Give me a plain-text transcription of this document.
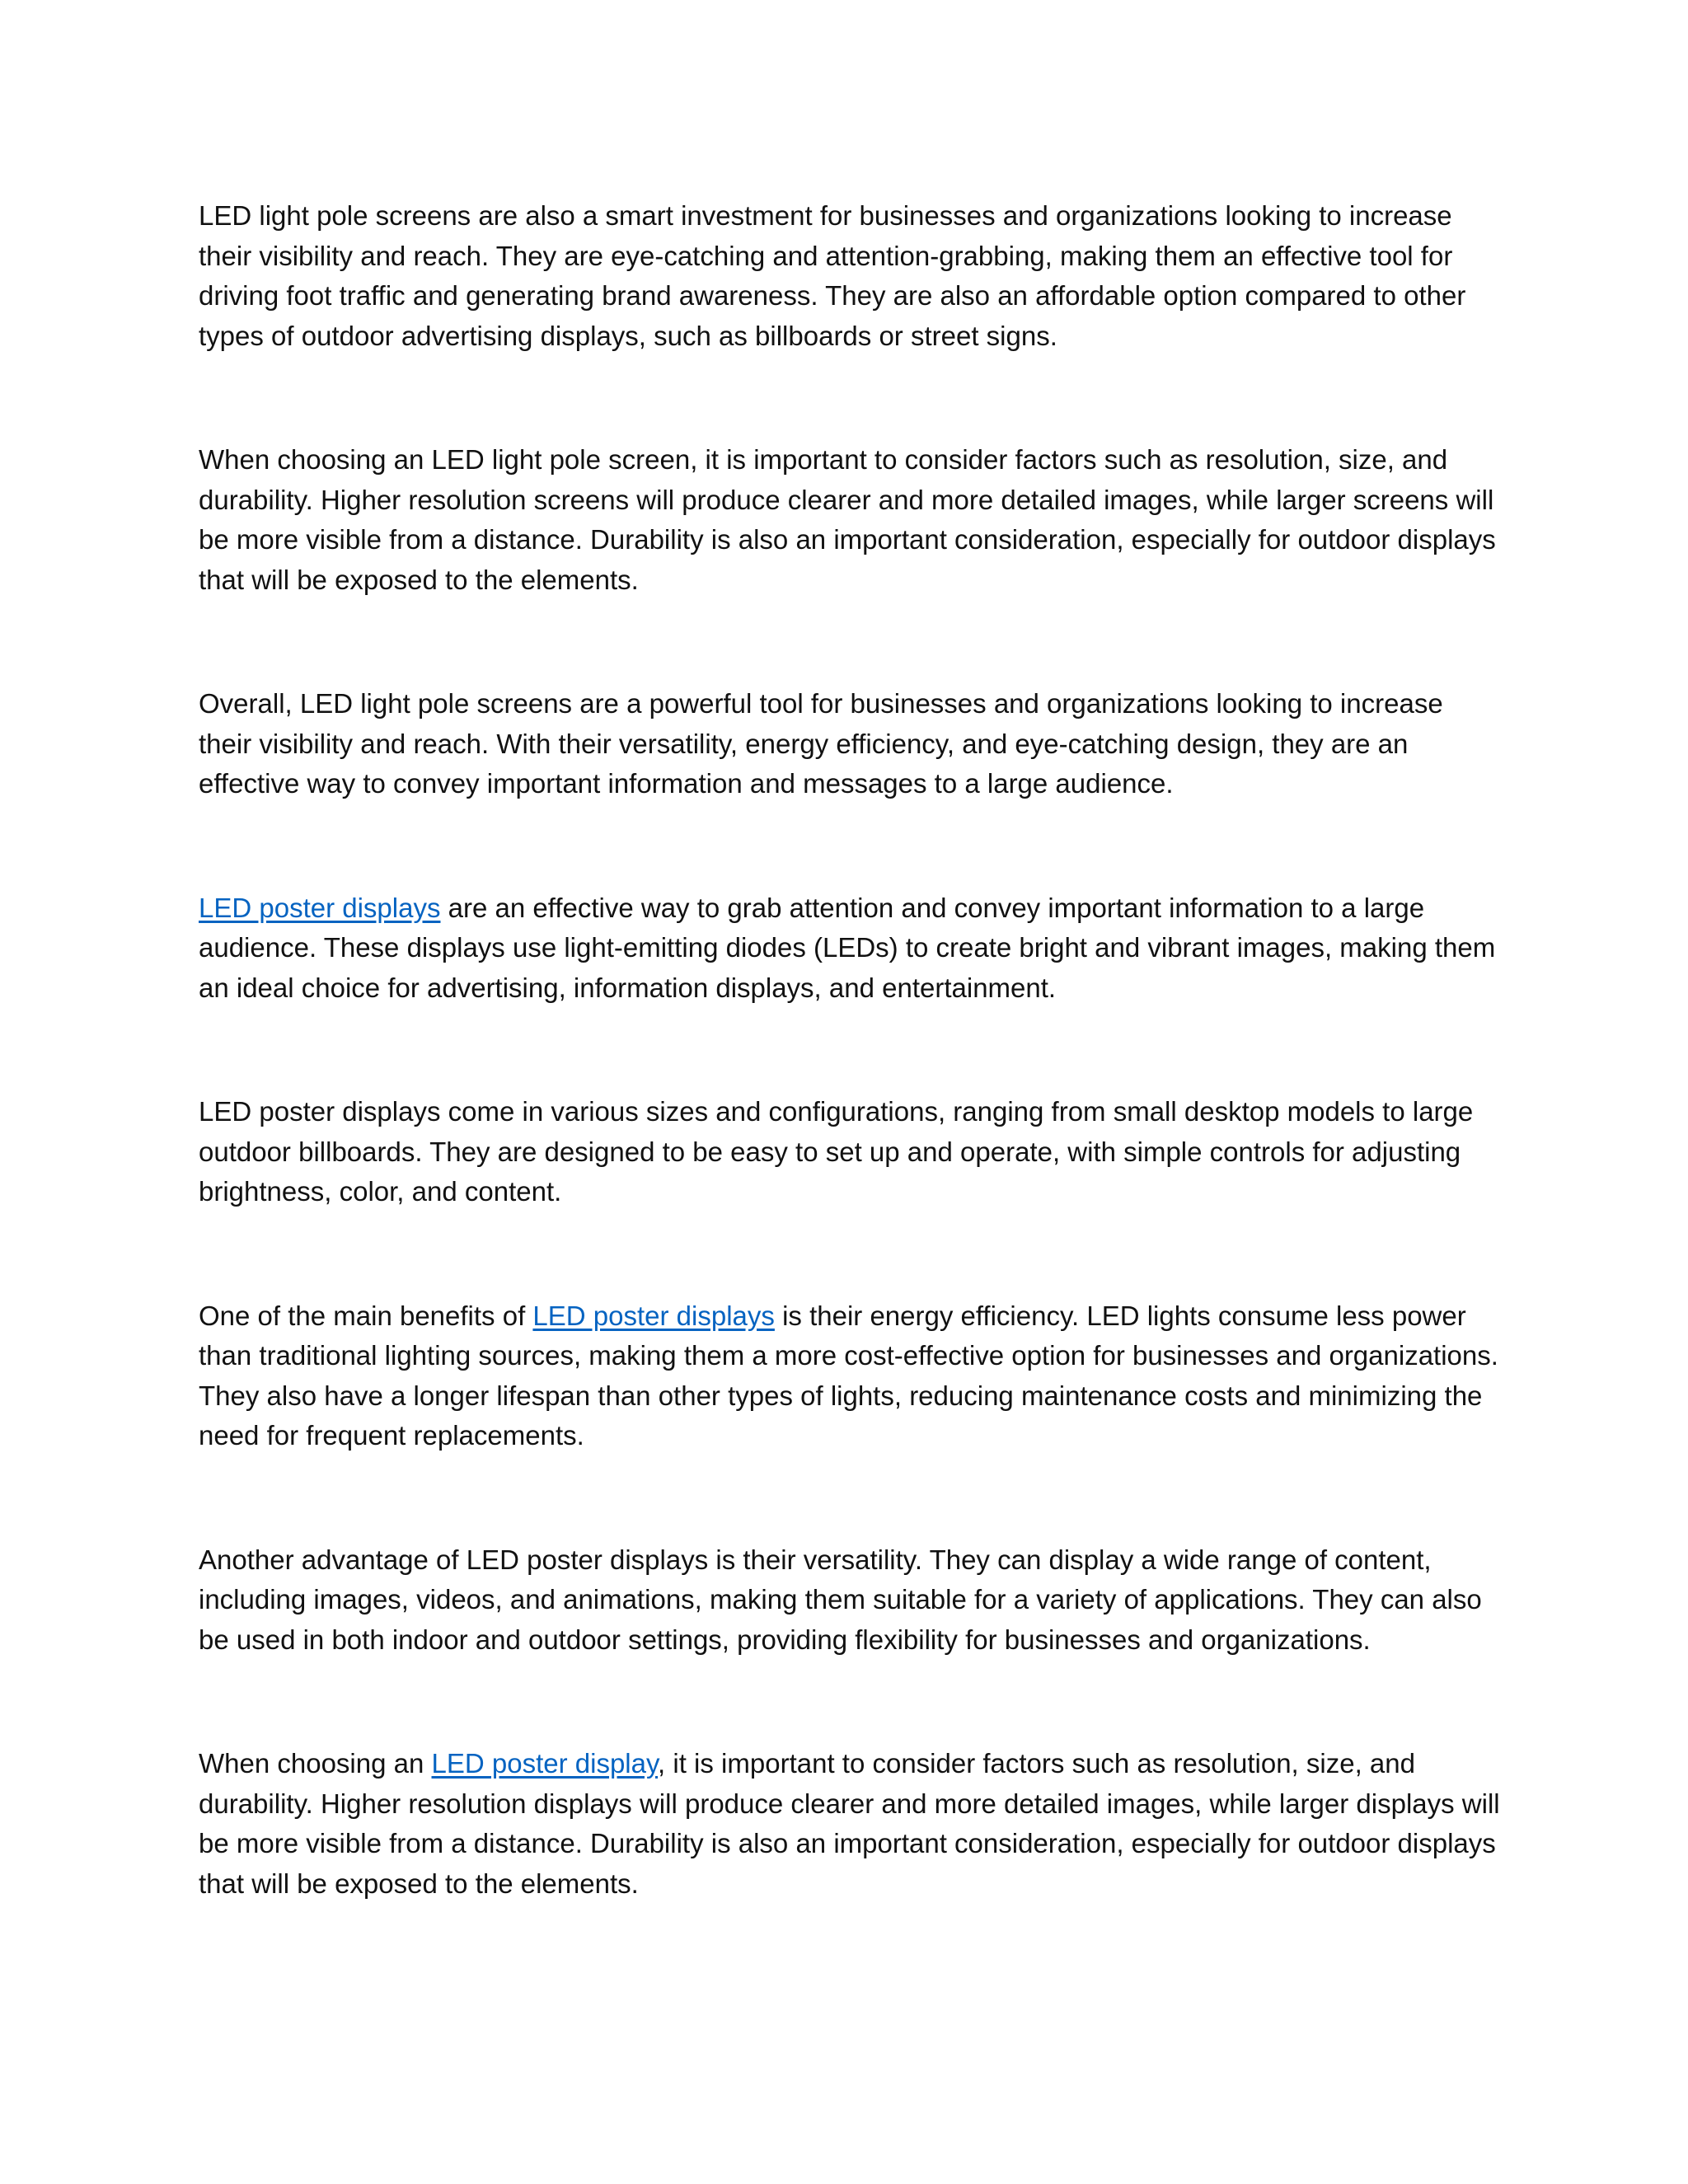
LED light pole screens are also a smart investment for businesses and organizations looking to increase their visibility and reach. They are eye-catching and attention-grabbing, making them an effective tool for driving foot traffic and generating brand awareness. They are also an affordable option compared to other types of outdoor advertising displays, such as billboards or street signs.

When choosing an LED light pole screen, it is important to consider factors such as resolution, size, and durability. Higher resolution screens will produce clearer and more detailed images, while larger screens will be more visible from a distance. Durability is also an important consideration, especially for outdoor displays that will be exposed to the elements.

Overall, LED light pole screens are a powerful tool for businesses and organizations looking to increase their visibility and reach. With their versatility, energy efficiency, and eye-catching design, they are an effective way to convey important information and messages to a large audience.

LED poster displays are an effective way to grab attention and convey important information to a large audience. These displays use light-emitting diodes (LEDs) to create bright and vibrant images, making them an ideal choice for advertising, information displays, and entertainment.

LED poster displays come in various sizes and configurations, ranging from small desktop models to large outdoor billboards. They are designed to be easy to set up and operate, with simple controls for adjusting brightness, color, and content.

One of the main benefits of LED poster displays is their energy efficiency. LED lights consume less power than traditional lighting sources, making them a more cost-effective option for businesses and organizations. They also have a longer lifespan than other types of lights, reducing maintenance costs and minimizing the need for frequent replacements.

Another advantage of LED poster displays is their versatility. They can display a wide range of content, including images, videos, and animations, making them suitable for a variety of applications. They can also be used in both indoor and outdoor settings, providing flexibility for businesses and organizations.

When choosing an LED poster display, it is important to consider factors such as resolution, size, and durability. Higher resolution displays will produce clearer and more detailed images, while larger displays will be more visible from a distance. Durability is also an important consideration, especially for outdoor displays that will be exposed to the elements.
